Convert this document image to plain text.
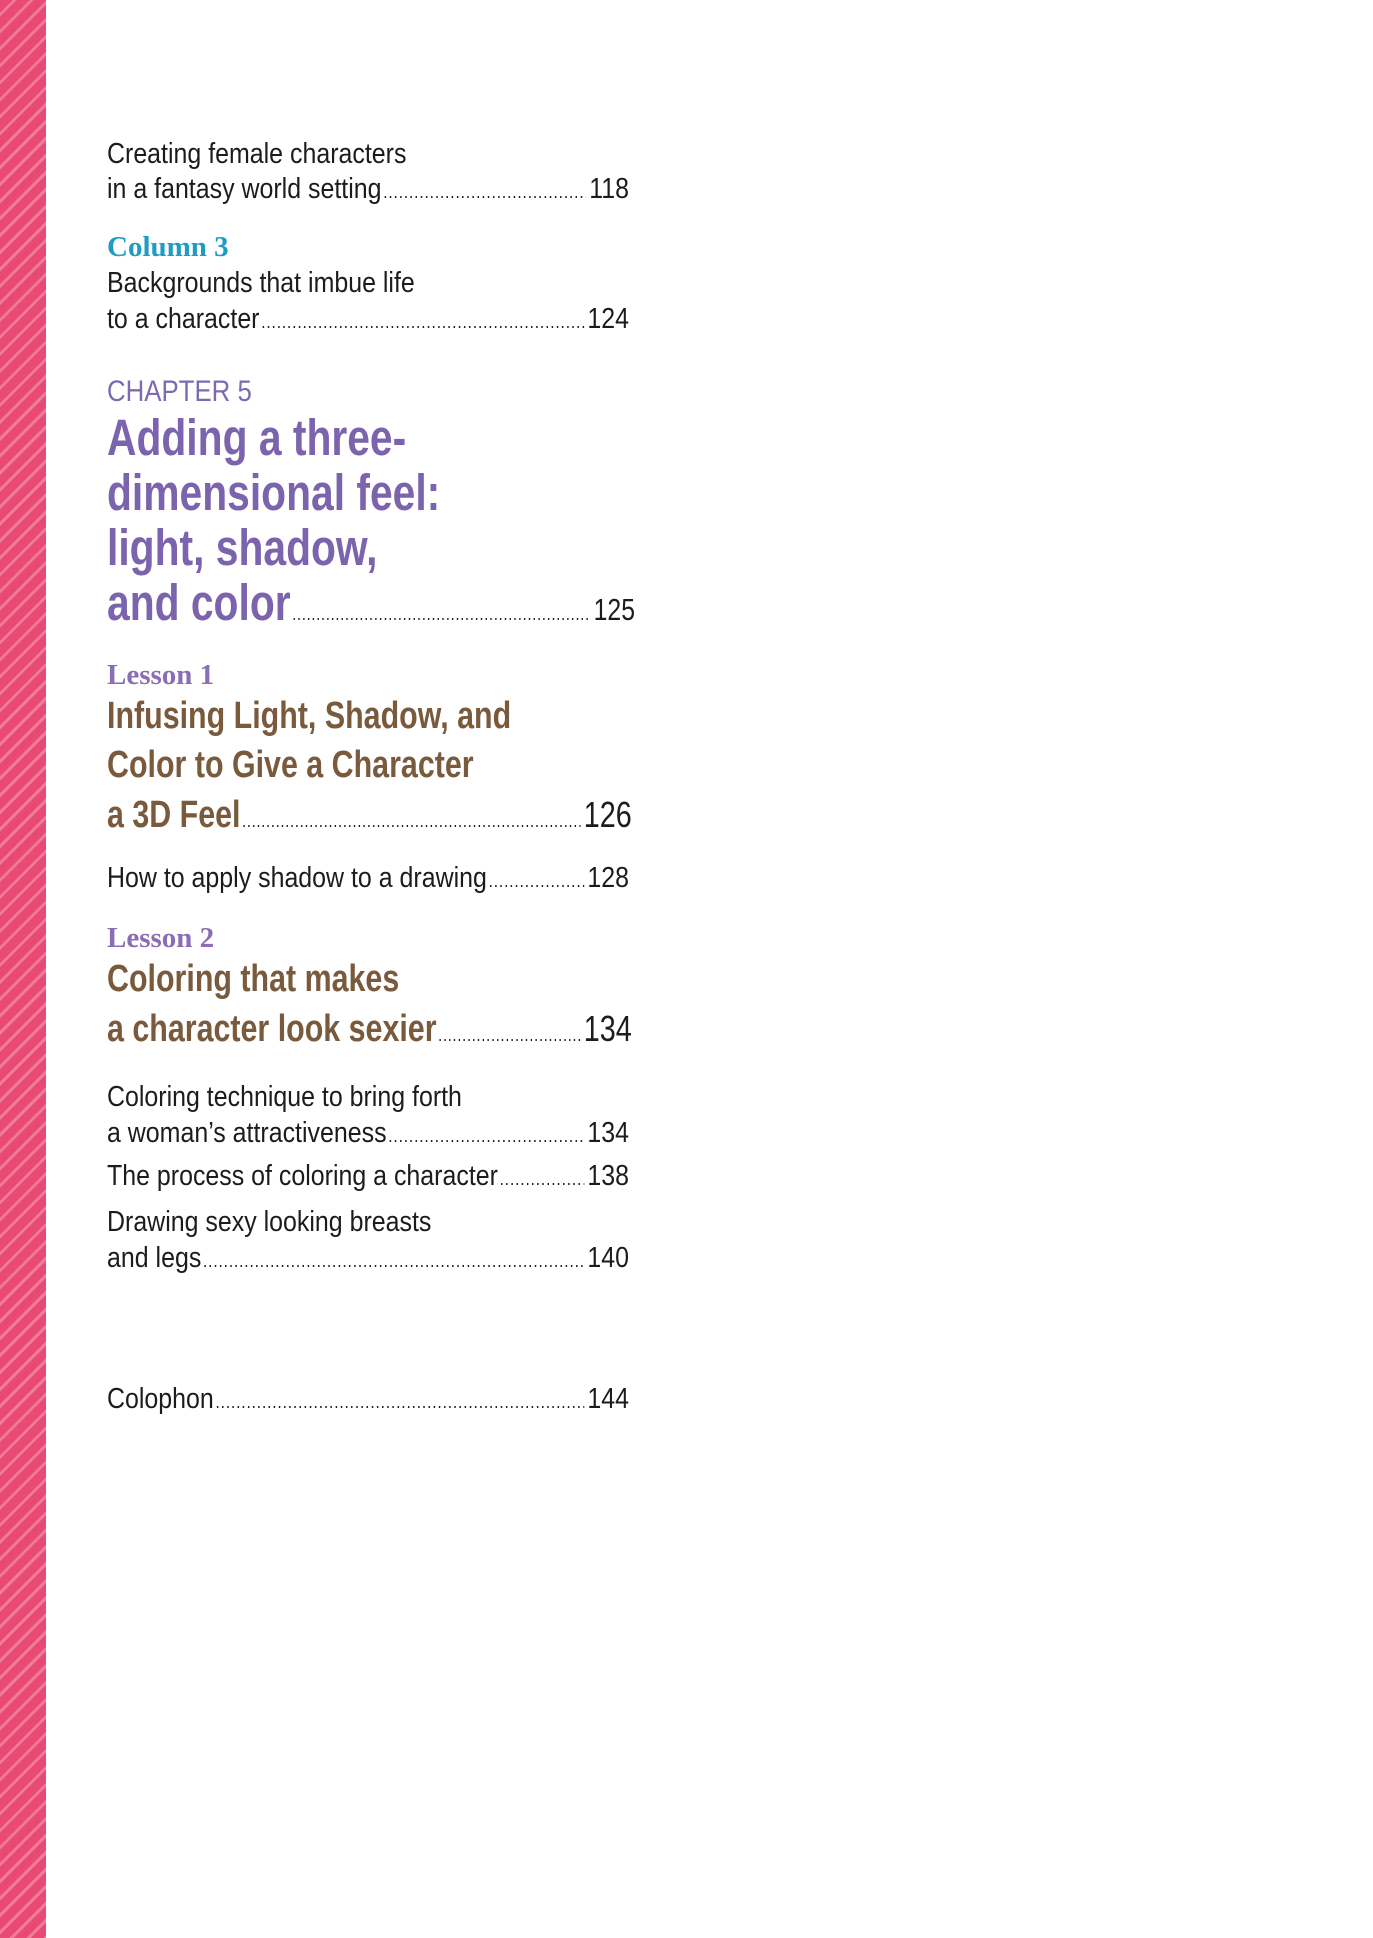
Creating female characters
in a fantasy world setting .....	118
Column 3
Backgrounds that imbue life
to a character .....	124
CHAPTER 5
Adding a three-
dimensional feel:
light, shadow,
and color .....	125
Lesson 1
Infusing Light, Shadow, and
Color to Give a Character
a 3D Feel .....	126
How to apply shadow to a drawing .....	128
Lesson 2
Coloring that makes
a character look sexier .....	134
Coloring technique to bring forth
a woman’s attractiveness .....	134
The process of coloring a character .....	138
Drawing sexy looking breasts
and legs .....	140
Colophon .....	144
